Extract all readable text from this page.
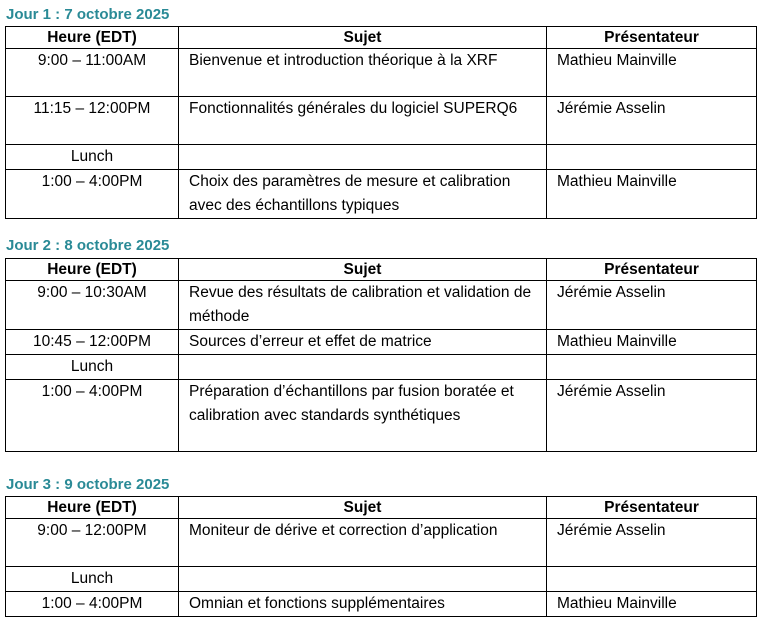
Jour 1 : 7 octobre 2025
Heure (EDT)	Sujet	Présentateur
9:00 – 11:00AM	Bienvenue et introduction théorique à la XRF	Mathieu Mainville
11:15 – 12:00PM	Fonctionnalités générales du logiciel SUPERQ6	Jérémie Asselin
Lunch		
1:00 – 4:00PM	Choix des paramètres de mesure et calibration avec des échantillons typiques	Mathieu Mainville
Jour 2 : 8 octobre 2025
Heure (EDT)	Sujet	Présentateur
9:00 – 10:30AM	Revue des résultats de calibration et validation de méthode	Jérémie Asselin
10:45 – 12:00PM	Sources d’erreur et effet de matrice	Mathieu Mainville
Lunch		
1:00 – 4:00PM	Préparation d’échantillons par fusion boratée et calibration avec standards synthétiques	Jérémie Asselin
Jour 3 : 9 octobre 2025
Heure (EDT)	Sujet	Présentateur
9:00 – 12:00PM	Moniteur de dérive et correction d’application	Jérémie Asselin
Lunch		
1:00 – 4:00PM	Omnian et fonctions supplémentaires	Mathieu Mainville
